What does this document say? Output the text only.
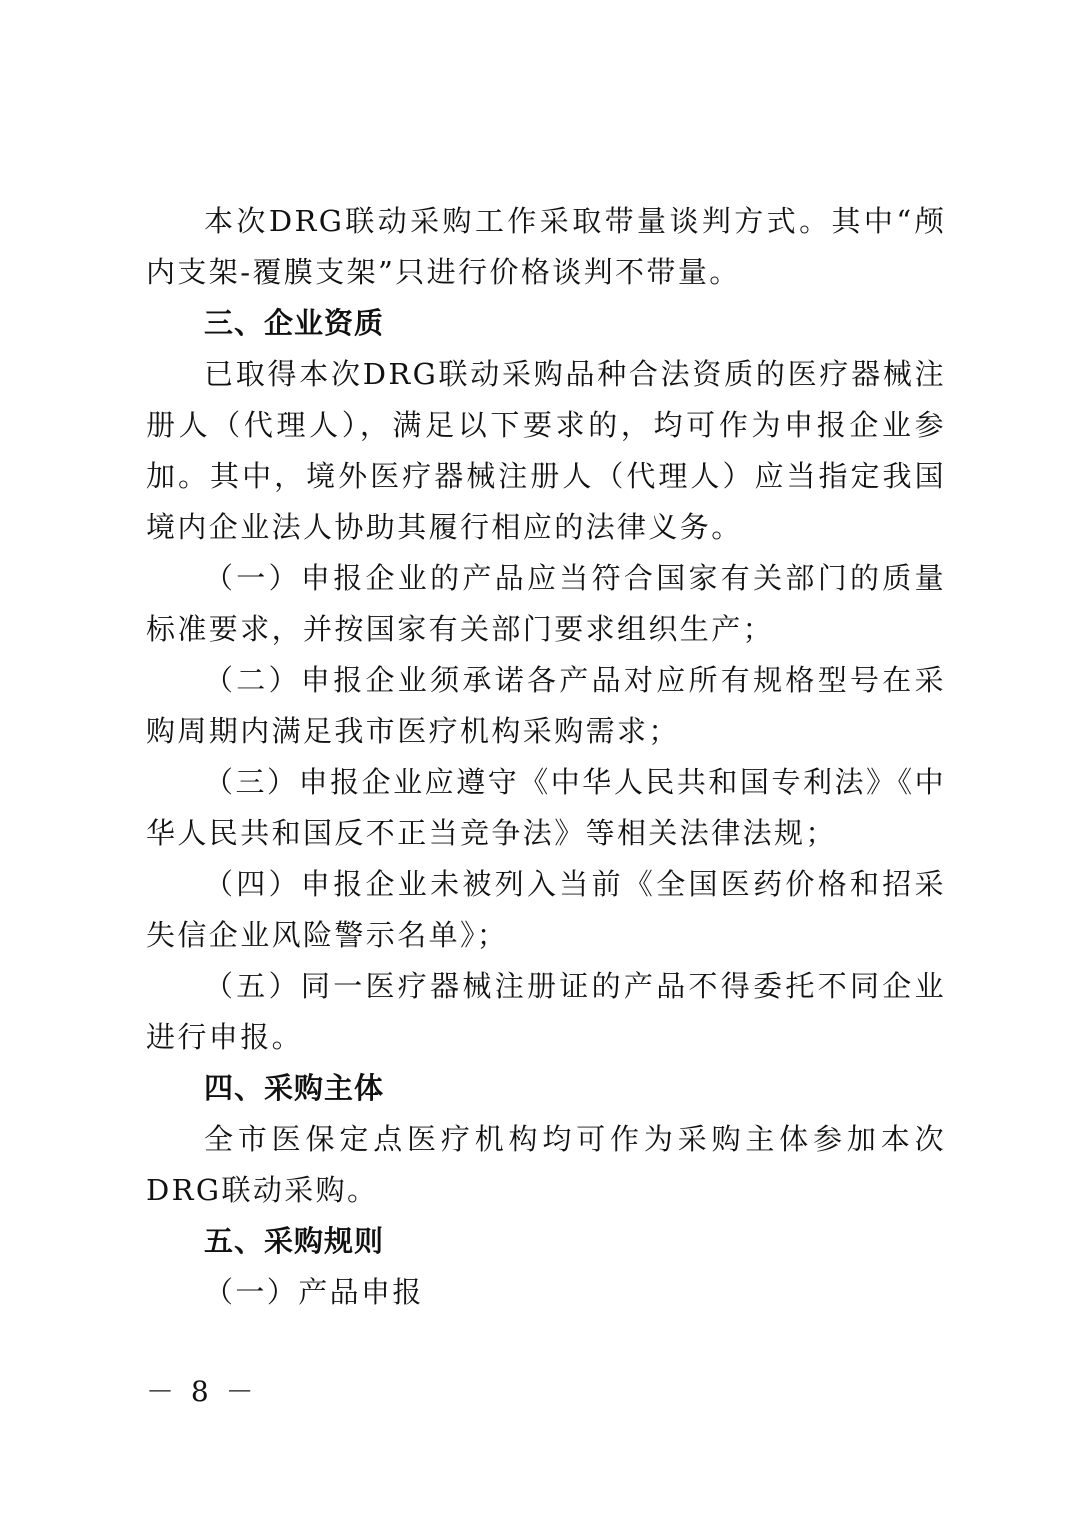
本次DRG联动采购工作采取带量谈判方式。其中“颅内支架-覆膜支架”只进行价格谈判不带量。

三、企业资质

已取得本次DRG联动采购品种合法资质的医疗器械注册人（代理人），满足以下要求的，均可作为申报企业参加。其中，境外医疗器械注册人（代理人）应当指定我国境内企业法人协助其履行相应的法律义务。

（一）申报企业的产品应当符合国家有关部门的质量标准要求，并按国家有关部门要求组织生产；

（二）申报企业须承诺各产品对应所有规格型号在采购周期内满足我市医疗机构采购需求；

（三）申报企业应遵守《中华人民共和国专利法》《中华人民共和国反不正当竞争法》等相关法律法规；

（四）申报企业未被列入当前《全国医药价格和招采失信企业风险警示名单》；

（五）同一医疗器械注册证的产品不得委托不同企业进行申报。

四、采购主体

全市医保定点医疗机构均可作为采购主体参加本次DRG联动采购。

五、采购规则

（一）产品申报

－ 8 －
